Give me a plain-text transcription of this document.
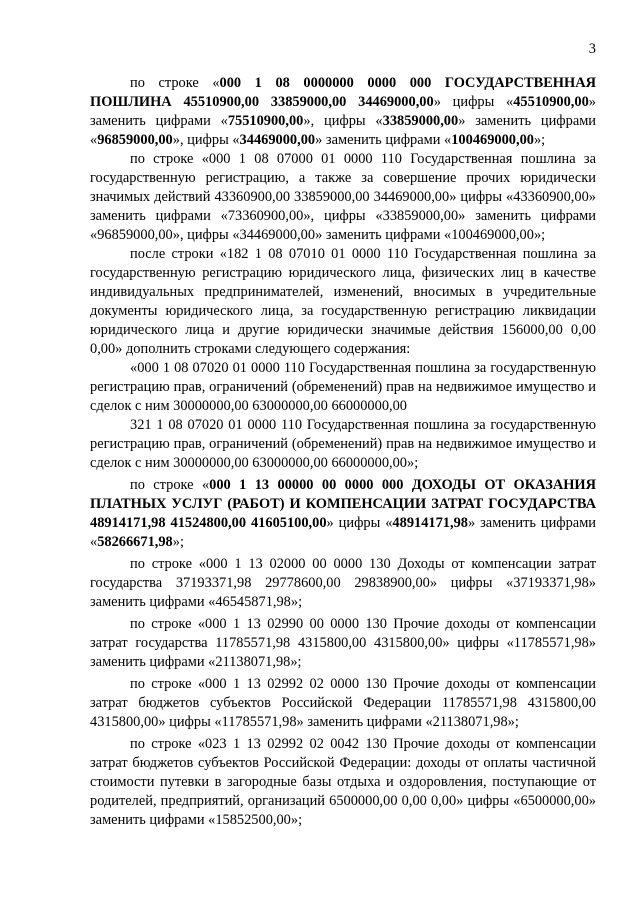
3

по строке «000 1 08 0000000 0000 000 ГОСУДАРСТВЕННАЯ ПОШЛИНА 45510900,00 33859000,00 34469000,00» цифры «45510900,00» заменить цифрами «75510900,00», цифры «33859000,00» заменить цифрами «96859000,00», цифры «34469000,00» заменить цифрами «100469000,00»;

по строке «000 1 08 07000 01 0000 110 Государственная пошлина за государственную регистрацию, а также за совершение прочих юридически значимых действий 43360900,00 33859000,00 34469000,00» цифры «43360900,00» заменить цифрами «73360900,00», цифры «33859000,00» заменить цифрами «96859000,00», цифры «34469000,00» заменить цифрами «100469000,00»;

после строки «182 1 08 07010 01 0000 110 Государственная пошлина за государственную регистрацию юридического лица, физических лиц в качестве индивидуальных предпринимателей, изменений, вносимых в учредительные документы юридического лица, за государственную регистрацию ликвидации юридического лица и другие юридически значимые действия 156000,00 0,00 0,00» дополнить строками следующего содержания:

«000 1 08 07020 01 0000 110 Государственная пошлина за государственную регистрацию прав, ограничений (обременений) прав на недвижимое имущество и сделок с ним 30000000,00 63000000,00 66000000,00

321 1 08 07020 01 0000 110 Государственная пошлина за государственную регистрацию прав, ограничений (обременений) прав на недвижимое имущество и сделок с ним 30000000,00 63000000,00 66000000,00»;

по строке «000 1 13 00000 00 0000 000 ДОХОДЫ ОТ ОКАЗАНИЯ ПЛАТНЫХ УСЛУГ (РАБОТ) И КОМПЕНСАЦИИ ЗАТРАТ ГОСУДАРСТВА 48914171,98 41524800,00 41605100,00» цифры «48914171,98» заменить цифрами «58266671,98»;

по строке «000 1 13 02000 00 0000 130 Доходы от компенсации затрат государства 37193371,98 29778600,00 29838900,00» цифры «37193371,98» заменить цифрами «46545871,98»;

по строке «000 1 13 02990 00 0000 130 Прочие доходы от компенсации затрат государства 11785571,98 4315800,00 4315800,00» цифры «11785571,98» заменить цифрами «21138071,98»;

по строке «000 1 13 02992 02 0000 130 Прочие доходы от компенсации затрат бюджетов субъектов Российской Федерации 11785571,98 4315800,00 4315800,00» цифры «11785571,98» заменить цифрами «21138071,98»;

по строке «023 1 13 02992 02 0042 130 Прочие доходы от компенсации затрат бюджетов субъектов Российской Федерации: доходы от оплаты частичной стоимости путевки в загородные базы отдыха и оздоровления, поступающие от родителей, предприятий, организаций 6500000,00 0,00 0,00» цифры «6500000,00» заменить цифрами «15852500,00»;
